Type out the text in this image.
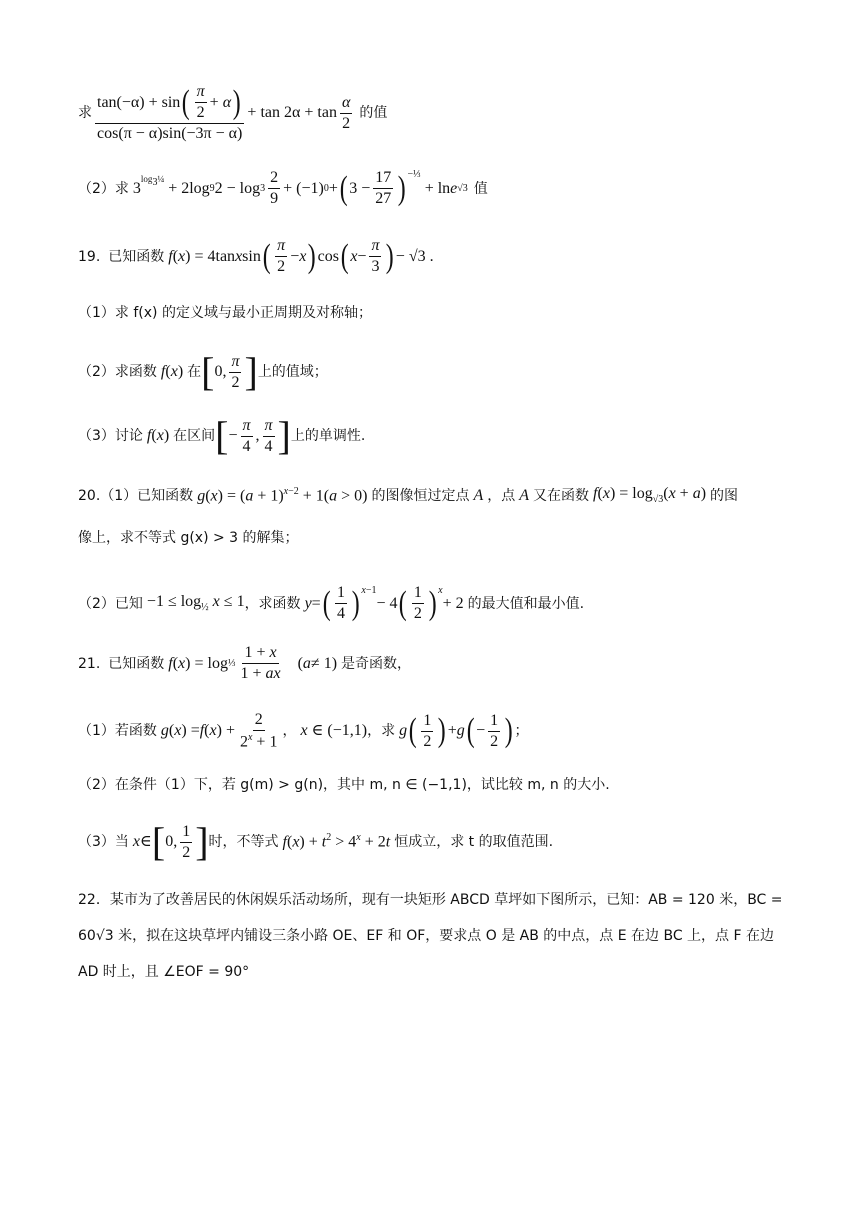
求 $\frac{\tan(-\alpha) + \sin ( \frac{\pi}{2} + \alpha )}{\cos(\pi - \alpha)\sin(-3\pi - \alpha)} + \tan 2\alpha + \tan \frac{\alpha}{2}$ 的值
（2）求 3
$\log_3\frac{1}{4}$
+ $2\log_9$ $2 - \log 3 \frac{2}{9} + (-1) 0$ + ( $3 - \frac{17}{27} )^{-\frac{1}{3}}$
+ ln e √3 值
19. 已知函数
f ( x ) = 4tan x sin ( $\frac{\pi}{2} - x$ ) cos ( $x - \frac{\pi}{3}$ ) − √3 .
（1）求 f(x) 的定义域与最小正周期及对称轴；
（2）求函数 f(x) 在 [ 0, $\frac{\pi}{2}$ ] 上的值域；
（3）讨论 f(x) 在区间 [ − $\frac{\pi}{4}$ , $\frac{\pi}{4}$ ] 上的单调性.
20. （1）已知函数 $g(x) = (a + 1)^{x-2} + 1(a > 0)$ 的图像恒过定点 A ，点 A 又在函数 $f(x) = \log_{√3}(x + a)$ 的图
像上，求不等式 g(x) > 3 的解集；
（2）已知 $-1 \le \log_{\frac{1}{2}} x \le 1$ ，求函数
y = ( $\frac{1}{4}$ ) $^{x-1}$
− 4 ( $\frac{1}{2}$ ) $^x$
+ 2 的最大值和最小值.
21. 已知函数
f ( x ) = log ⅓ $\frac{1 + x}{1 + ax}$ ( a ≠ 1) 是奇函数，
（1）若函数
g ( x ) = f ( x ) + $\frac{2}{2^x + 1}$ ， x ∈ (−1,1) ，求
g ( $\frac{1}{2}$ ) + g ( − $\frac{1}{2}$ ) ；
（2）在条件（1）下，若 g(m) > g(n)，其中 m, n ∈ (−1,1)，试比较 m, n 的大小.
（3）当
x ∈ [ 0, $\frac{1}{2}$ ] 时，不等式 $f(x) + t^2 > 4^x + 2t$ 恒成立，求 t 的取值范围.
22．某市为了改善居民的休闲娱乐活动场所，现有一块矩形 ABCD 草坪如下图所示，已知：AB = 120 米，BC = 60√3 米，拟在这块草坪内铺设三条小路 OE、EF 和 OF，要求点 O 是 AB 的中点，点 E 在边 BC 上，点 F 在边 AD 时上，且 ∠EOF = 90°
